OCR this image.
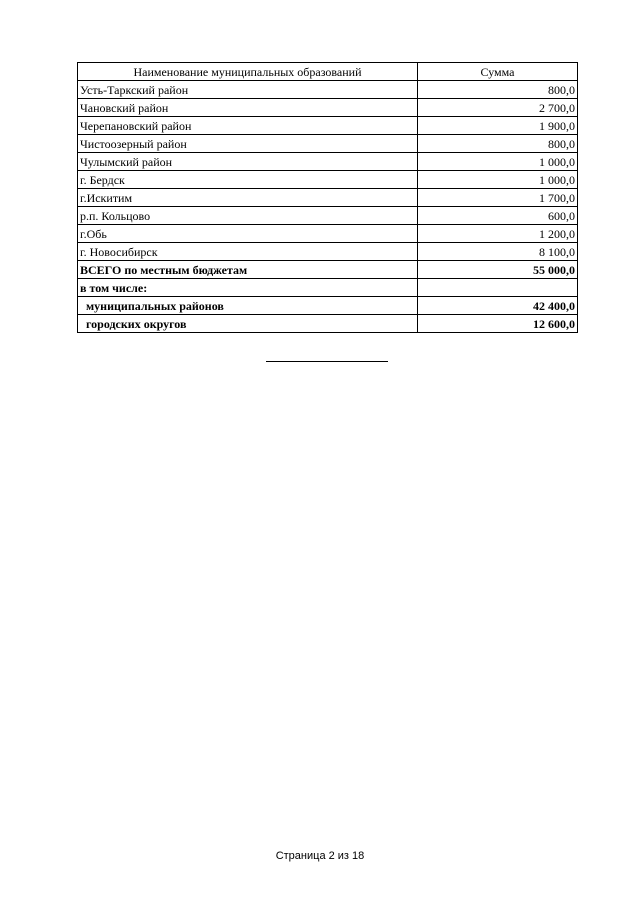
Наименование муниципальных образований	Сумма
Усть-Таркский район	800,0
Чановский район	2 700,0
Черепановский район	1 900,0
Чистоозерный район	800,0
Чулымский район	1 000,0
г. Бердск	1 000,0
г.Искитим	1 700,0
р.п. Кольцово	600,0
г.Обь	1 200,0
г. Новосибирск	8 100,0
ВСЕГО по местным бюджетам	55 000,0
в том числе:	
муниципальных районов	42 400,0
городских округов	12 600,0
Страница 2 из 18
